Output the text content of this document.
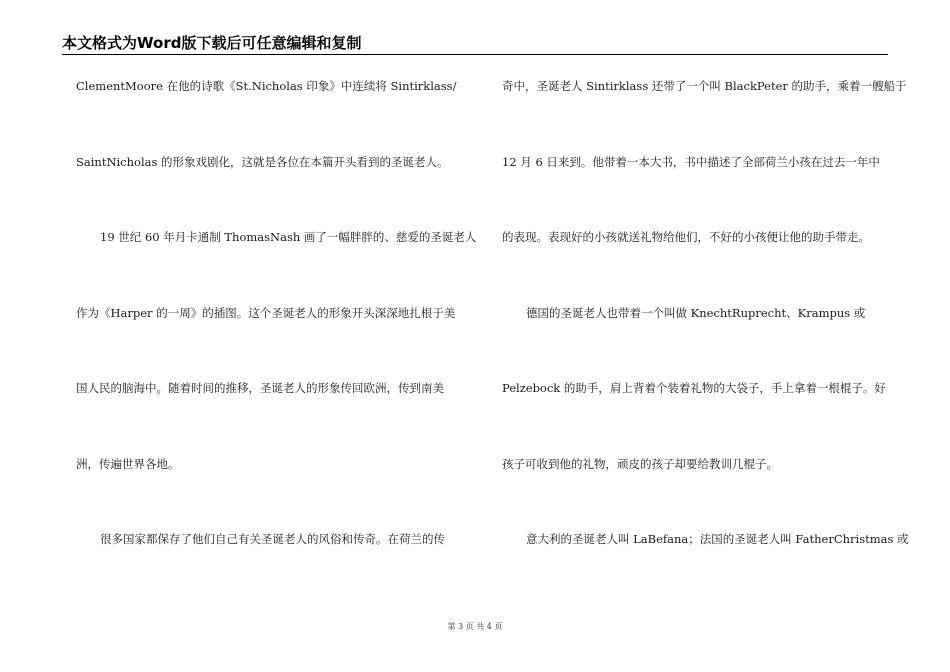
本文格式为Word版下载后可任意编辑和复制
ClementMoore 在他的诗歌《St.Nicholas 印象》中连续将 Sintirklass/
SaintNicholas 的形象戏剧化，这就是各位在本篇开头看到的圣诞老人。
19 世纪 60 年月卡通制 ThomasNash 画了一幅胖胖的、慈爱的圣诞老人
作为《Harper 的一周》的插图。这个圣诞老人的形象开头深深地扎根于美
国人民的脑海中。随着时间的推移，圣诞老人的形象传回欧洲，传到南美
洲，传遍世界各地。
很多国家都保存了他们自己有关圣诞老人的风俗和传奇。在荷兰的传
奇中，圣诞老人 Sintirklass 还带了一个叫 BlackPeter 的助手，乘着一艘船于
12 月 6 日来到。他带着一本大书，书中描述了全部荷兰小孩在过去一年中
的表现。表现好的小孩就送礼物给他们，不好的小孩便让他的助手带走。
德国的圣诞老人也带着一个叫做 KnechtRuprecht、Krampus 或
Pelzebock 的助手，肩上背着个装着礼物的大袋子，手上拿着一根棍子。好
孩子可收到他的礼物，顽皮的孩子却要给教训几棍子。
意大利的圣诞老人叫 LaBefana；法国的圣诞老人叫 FatherChristmas 或
第 3 页 共 4 页
